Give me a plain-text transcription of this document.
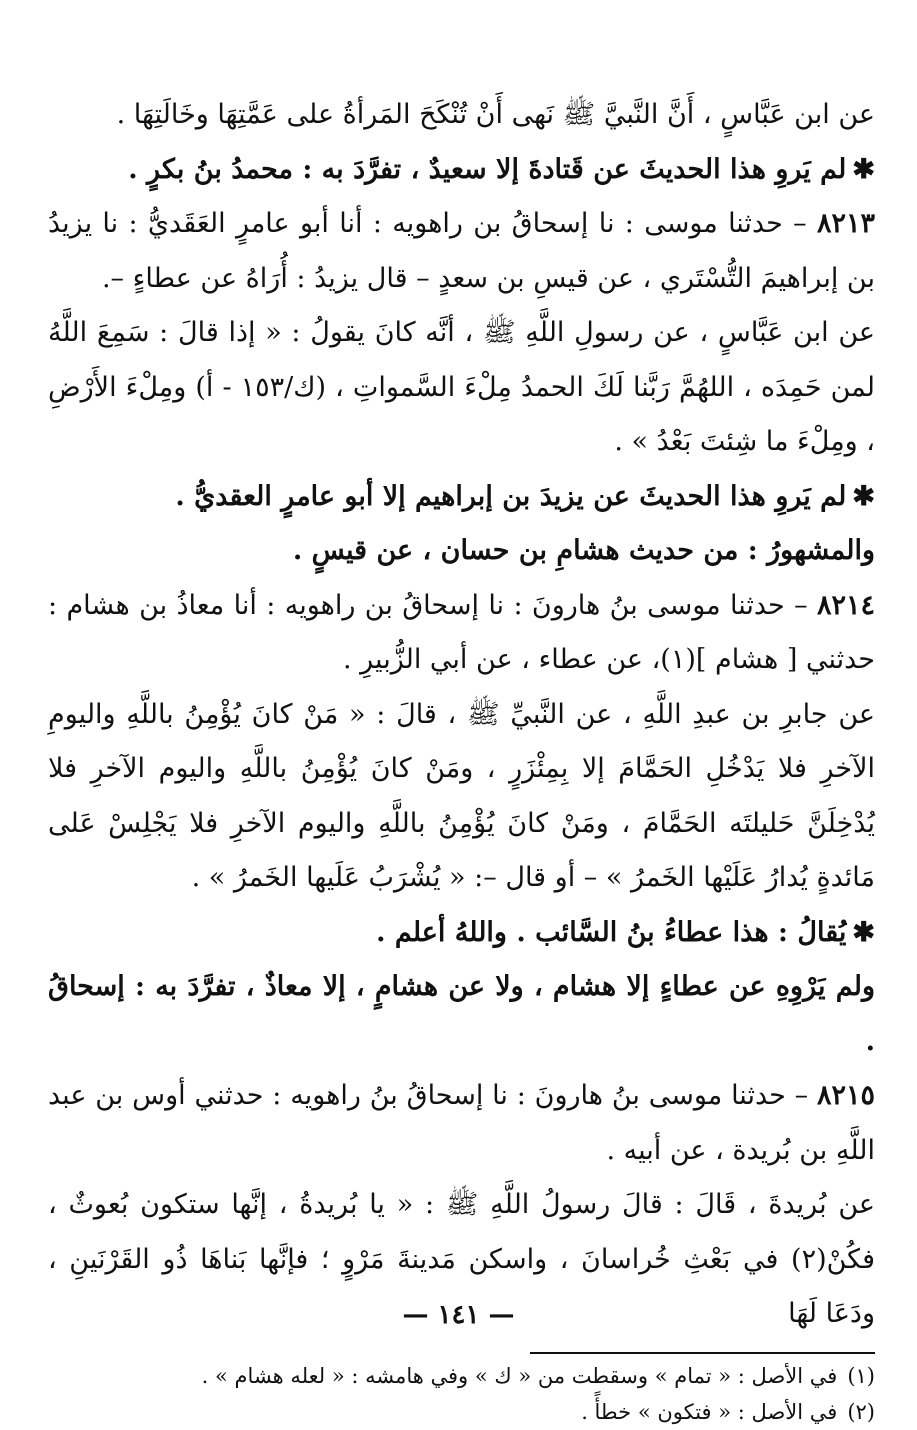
عن ابن عَبَّاسٍ ، أَنَّ النَّبيَّ ﷺ نَهى أَنْ تُنْكَحَ المَرأةُ على عَمَّتِهَا وخَالَتِهَا .

✱لم يَروِ هذا الحديثَ عن قَتادةَ إلا سعيدٌ ، تفرَّدَ به : محمدُ بنُ بكرٍ .

٨٢١٣ – حدثنا موسى : نا إسحاقُ بن راهويه : أنا أبو عامرٍ العَقَديُّ : نا يزيدُ بن إبراهيمَ التُّسْتَري ، عن قيسِ بن سعدٍ – قال يزيدُ : أُرَاهُ عن عطاءٍ –.

عن ابن عَبَّاسٍ ، عن رسولِ اللَّهِ ﷺ ، أنَّه كانَ يقولُ : « إذا قالَ : سَمِعَ اللَّهُ لمن حَمِدَه ، اللهُمَّ رَبَّنا لَكَ الحمدُ مِلْءَ السَّمواتِ ، (ك/١٥٣ - أ) ومِلْءَ الأَرْضِ ، ومِلْءَ ما شِئتَ بَعْدُ » .

✱لم يَروِ هذا الحديثَ عن يزيدَ بن إبراهيم إلا أبو عامرٍ العقديُّ .

والمشهورُ : من حديث هشامِ بن حسان ، عن قيسٍ .

٨٢١٤ – حدثنا موسى بنُ هارونَ : نا إسحاقُ بن راهويه : أنا معاذُ بن هشام : حدثني [ هشام ](١)، عن عطاء ، عن أبي الزُّبيرِ .

عن جابرِ بن عبدِ اللَّهِ ، عن النَّبيِّ ﷺ ، قالَ : « مَنْ كانَ يُؤْمِنُ باللَّهِ واليومِ الآخرِ فلا يَدْخُلِ الحَمَّامَ إلا بِمِئْزَرٍ ، ومَنْ كانَ يُؤْمِنُ باللَّهِ واليوم الآخرِ فلا يُدْخِلَنَّ حَليلتَه الحَمَّامَ ، ومَنْ كانَ يُؤْمِنُ باللَّهِ واليوم الآخرِ فلا يَجْلِسْ عَلى مَائدةٍ يُدارُ عَلَيْها الخَمرُ » – أو قال –: « يُشْرَبُ عَلَيها الخَمرُ » .

✱يُقالُ : هذا عطاءُ بنُ السَّائب . واللهُ أعلم .

ولم يَرْوِهِ عن عطاءٍ إلا هشام ، ولا عن هشامٍ ، إلا معاذٌ ، تفرَّدَ به : إسحاقُ .

٨٢١٥ – حدثنا موسى بنُ هارونَ : نا إسحاقُ بنُ راهويه : حدثني أوس بن عبد اللَّهِ بن بُريدة ، عن أبيه .

عن بُريدةَ ، قَالَ : قالَ رسولُ اللَّهِ ﷺ : « يا بُريدةُ ، إنَّها ستكون بُعوثٌ ، فكُنْ(٢) في بَعْثِ خُراسانَ ، واسكن مَدينةَ مَرْوٍ ؛ فإنَّها بَناهَا ذُو القَرْنَينِ ، ودَعَا لَهَا

(١)في الأصل : « تمام » وسقطت من « ك » وفي هامشه : « لعله هشام » .

(٢)في الأصل : « فتكون » خطأً .

— ١٤١ —
